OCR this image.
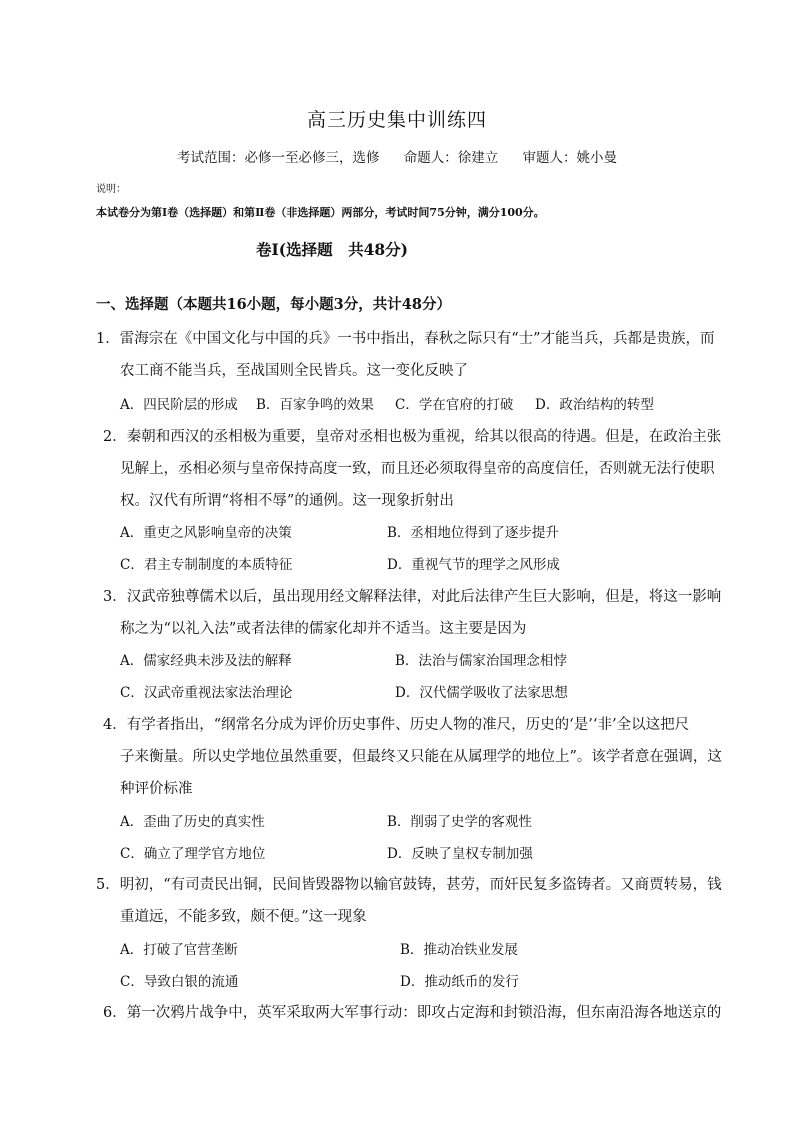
高三历史集中训练四
考试范围：必修一至必修三，选修 命题人：徐建立 审题人：姚小曼
说明：
本试卷分为第Ⅰ卷（选择题）和第Ⅱ卷（非选择题）两部分，考试时间75分钟，满分100分。
卷Ⅰ(选择题　共48分)
一、选择题（本题共16小题，每小题3分，共计48分）
1．雷海宗在《中国文化与中国的兵》一书中指出，春秋之际只有“士”才能当兵，兵都是贵族，而
农工商不能当兵，至战国则全民皆兵。这一变化反映了
A．四民阶层的形成 B．百家争鸣的效果 C．学在官府的打破 D．政治结构的转型
2．秦朝和西汉的丞相极为重要，皇帝对丞相也极为重视，给其以很高的待遇。但是，在政治主张
见解上，丞相必须与皇帝保持高度一致，而且还必须取得皇帝的高度信任，否则就无法行使职
权。汉代有所谓“将相不辱”的通例。这一现象折射出
A．重吏之风影响皇帝的决策	B．丞相地位得到了逐步提升
C．君主专制制度的本质特征	D．重视气节的理学之风形成
3．汉武帝独尊儒术以后，虽出现用经文解释法律，对此后法律产生巨大影响，但是，将这一影响
称之为“以礼入法”或者法律的儒家化却并不适当。这主要是因为
A．儒家经典未涉及法的解释	B．法治与儒家治国理念相悖
C．汉武帝重视法家法治理论	D．汉代儒学吸收了法家思想
4．有学者指出，“纲常名分成为评价历史事件、历史人物的准尺，历史的‘是’‘非’全以这把尺
子来衡量。所以史学地位虽然重要，但最终又只能在从属理学的地位上”。该学者意在强调，这
种评价标准
A．歪曲了历史的真实性	B．削弱了史学的客观性
C．确立了理学官方地位	D．反映了皇权专制加强
5．明初，“有司责民出铜，民间皆毁器物以输官鼓铸，甚劳，而奸民复多盗铸者。又商贾转易，钱
重道远，不能多致，颇不便。”这一现象
A．打破了官营垄断	B．推动冶铁业发展
C．导致白银的流通	D．推动纸币的发行
6．第一次鸦片战争中，英军采取两大军事行动：即攻占定海和封锁沿海，但东南沿海各地送京的
